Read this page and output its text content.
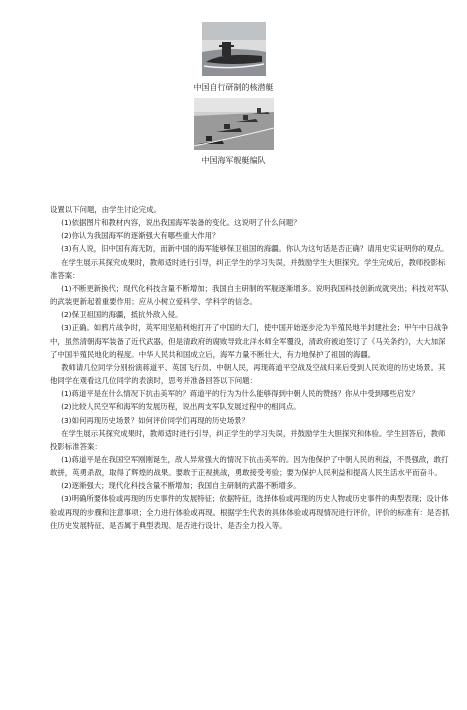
中国自行研制的核潜艇
中国海军舰艇编队

设置以下问题，由学生讨论完成。

(1)依据图片和教材内容，说出我国海军装备的变化。这说明了什么问题？

(2)你认为我国海军的逐渐强大有哪些重大作用？

(3)有人说，旧中国有海无防，而新中国的海军能够保卫祖国的海疆。你认为这句话是否正确？请用史实证明你的观点。

在学生展示其探究成果时，教师适时进行引导，纠正学生的学习失误，并鼓励学生大胆探究。学生完成后，教师投影标准答案：

(1)不断更新换代；现代化科技含量不断增加；我国自主研制的军舰逐渐增多。说明我国科技创新成就突出；科技对军队的武装更新起着重要作用；应从小树立爱科学、学科学的信念。

(2)保卫祖国的海疆，抵抗外敌入侵。

(3)正确。如鸦片战争时，英军用坚船利炮打开了中国的大门，使中国开始逐步沦为半殖民地半封建社会；甲午中日战争中，虽然清朝海军装备了近代武器，但是清政府的腐败导致北洋水师全军覆没，清政府被迫签订了《马关条约》，大大加深了中国半殖民地化的程度。中华人民共和国成立后，海军力量不断壮大，有力地保护了祖国的海疆。

教师请几位同学分别扮演蒋道平、英国飞行员、中朝人民，再现蒋道平空战及空战归来后受到人民欢迎的历史场景。其他同学在观看这几位同学的表演时，思考并准备回答以下问题：

(1)蒋道平是在什么情况下抗击美军的？蒋道平的行为为什么能够得到中朝人民的赞扬？你从中受到哪些启发？

(2)比较人民空军和海军的发展历程，说出两支军队发展过程中的相同点。

(3)如何再现历史场景？如何评价同学们再现的历史场景？

在学生展示其探究成果时，教师适时进行引导，纠正学生的学习失误，并鼓励学生大胆探究和体验。学生回答后，教师投影标准答案：

(1)蒋道平是在我国空军刚刚诞生，敌人异常强大的情况下抗击美军的。因为他保护了中朝人民的利益，不畏强敌，敢打敢拼，英勇杀敌，取得了辉煌的战果。要敢于正视挑战，勇敢接受考验；要为保护人民利益和提高人民生活水平而奋斗。

(2)逐渐强大；现代化科技含量不断增加；我国自主研制的武器不断增多。

(3)明确所要体验或再现的历史事件的发展特征；依据特征，选择体验或再现的历史人物或历史事件的典型表现；设计体验或再现的步骤和注意事项；全力进行体验或再现。根据学生代表的具体体验或再现情况进行评价，评价的标准有：是否抓住历史发展特征、是否属于典型表现、是否进行设计、是否全力投入等。
